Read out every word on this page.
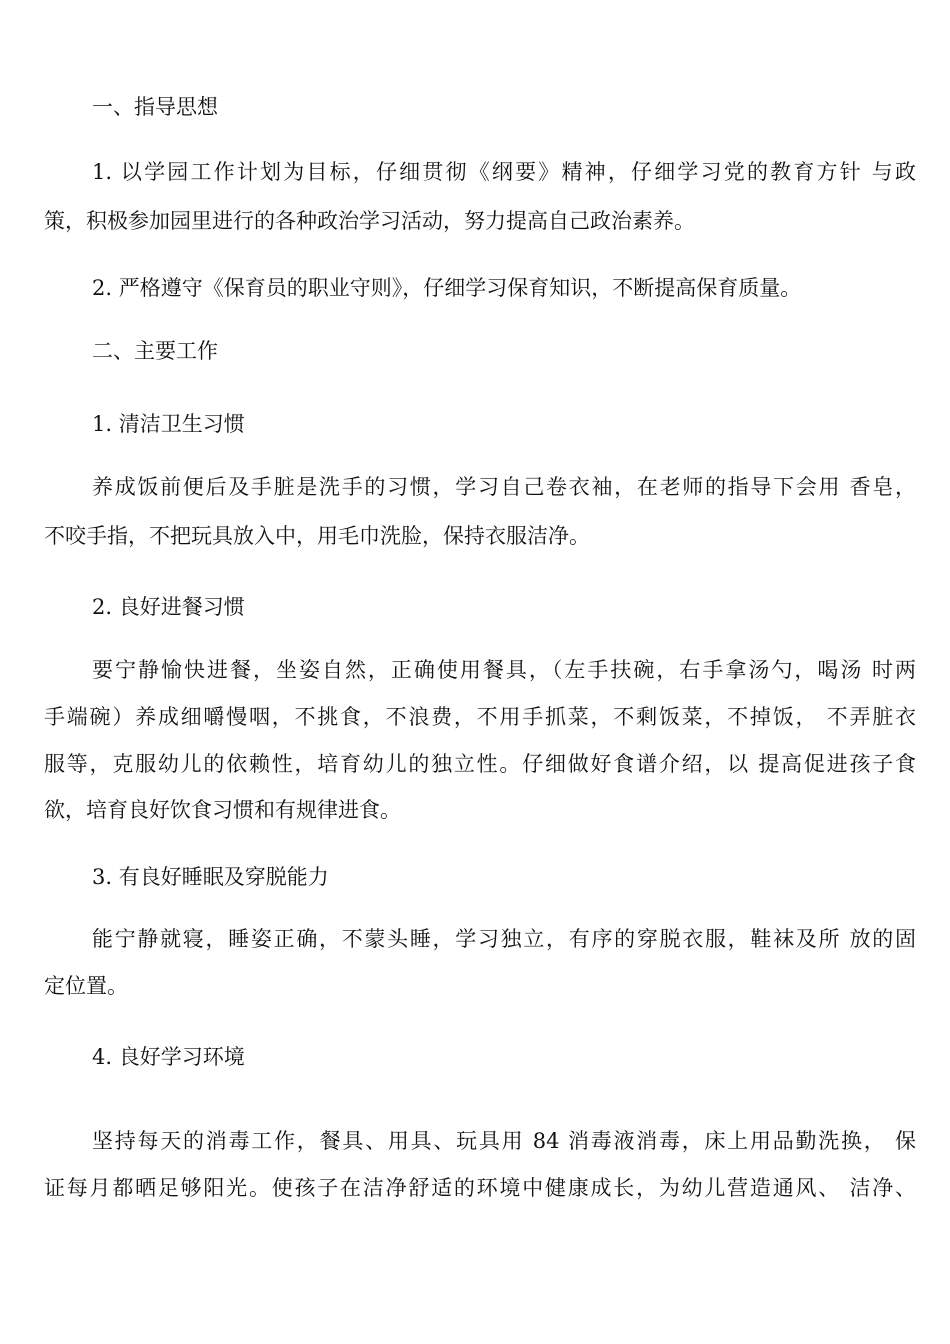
一、指导思想
1. 以学园工作计划为目标，仔细贯彻《纲要》精神，仔细学习党的教育方针 与政
策，积极参加园里进行的各种政治学习活动，努力提高自己政治素养。
2. 严格遵守《保育员的职业守则》，仔细学习保育知识，不断提高保育质量。
二、主要工作
1. 清洁卫生习惯
养成饭前便后及手脏是洗手的习惯，学习自己卷衣袖，在老师的指导下会用 香皂，
不咬手指，不把玩具放入中，用毛巾洗脸，保持衣服洁净。
2. 良好进餐习惯
要宁静愉快进餐，坐姿自然，正确使用餐具，（左手扶碗，右手拿汤勺，喝汤 时两
手端碗）养成细嚼慢咽，不挑食，不浪费，不用手抓菜，不剩饭菜，不掉饭， 不弄脏衣
服等，克服幼儿的依赖性，培育幼儿的独立性。仔细做好食谱介绍，以 提高促进孩子食
欲，培育良好饮食习惯和有规律进食。
3. 有良好睡眠及穿脱能力
能宁静就寝，睡姿正确，不蒙头睡，学习独立，有序的穿脱衣服，鞋袜及所 放的固
定位置。
4. 良好学习环境
坚持每天的消毒工作，餐具、用具、玩具用 84 消毒液消毒，床上用品勤洗换， 保
证每月都晒足够阳光。使孩子在洁净舒适的环境中健康成长，为幼儿营造通风、 洁净、
